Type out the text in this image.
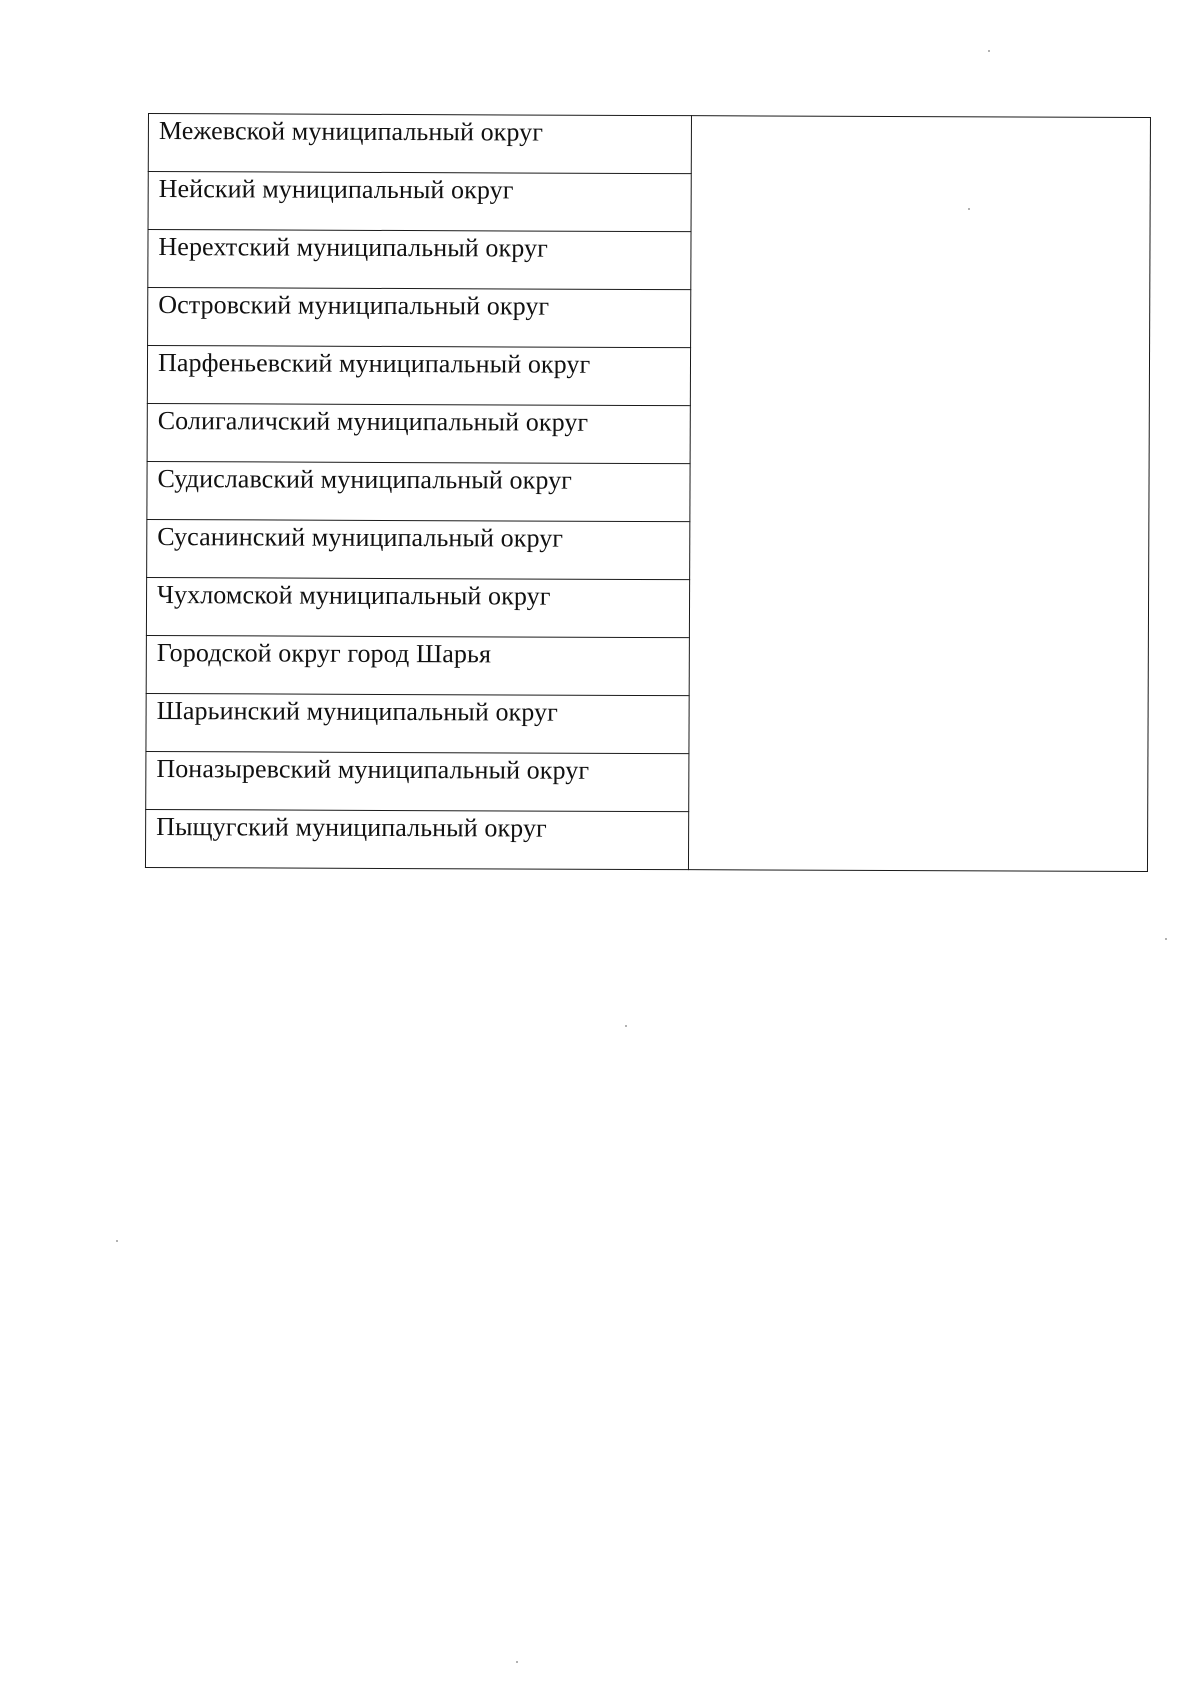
Межевской муниципальный округ

Нейский муниципальный округ

Нерехтский муниципальный округ

Островский муниципальный округ

Парфеньевский муниципальный округ

Солигаличский муниципальный округ

Судиславский муниципальный округ

Сусанинский муниципальный округ

Чухломской муниципальный округ

Городской округ город Шарья

Шарьинский муниципальный округ

Поназыревский муниципальный округ

Пыщугский муниципальный округ
